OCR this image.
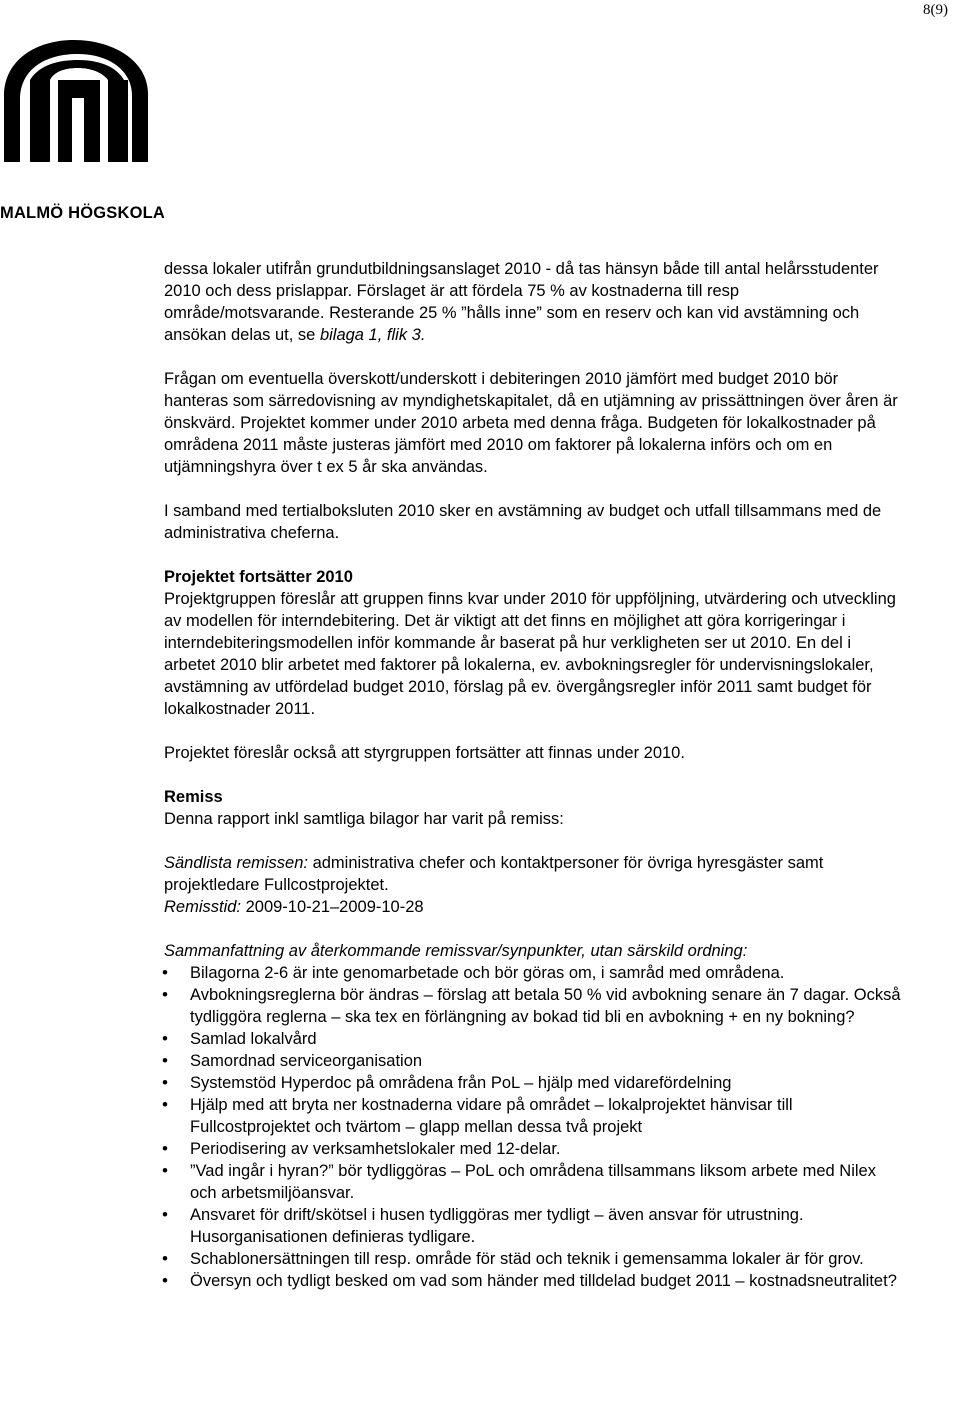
8(9)
MALMÖ HÖGSKOLA

dessa lokaler utifrån grundutbildningsanslaget 2010 - då tas hänsyn både till antal helårsstudenter 2010 och dess prislappar. Förslaget är att fördela 75 % av kostnaderna till resp område/motsvarande. Resterande 25 % ”hålls inne” som en reserv och kan vid avstämning och ansökan delas ut, se bilaga 1, flik 3.

Frågan om eventuella överskott/underskott i debiteringen 2010 jämfört med budget 2010 bör hanteras som särredovisning av myndighetskapitalet, då en utjämning av prissättningen över åren är önskvärd. Projektet kommer under 2010 arbeta med denna fråga. Budgeten för lokalkostnader på områdena 2011 måste justeras jämfört med 2010 om faktorer på lokalerna införs och om en utjämningshyra över t ex 5 år ska användas.

I samband med tertialboksluten 2010 sker en avstämning av budget och utfall tillsammans med de administrativa cheferna.

Projektet fortsätter 2010

Projektgruppen föreslår att gruppen finns kvar under 2010 för uppföljning, utvärdering och utveckling av modellen för interndebitering. Det är viktigt att det finns en möjlighet att göra korrigeringar i interndebiteringsmodellen inför kommande år baserat på hur verkligheten ser ut 2010. En del i arbetet 2010 blir arbetet med faktorer på lokalerna, ev. avbokningsregler för undervisningslokaler, avstämning av utfördelad budget 2010, förslag på ev. övergångsregler inför 2011 samt budget för lokalkostnader 2011.

Projektet föreslår också att styrgruppen fortsätter att finnas under 2010.

Remiss

Denna rapport inkl samtliga bilagor har varit på remiss:

Sändlista remissen: administrativa chefer och kontaktpersoner för övriga hyresgäster samt projektledare Fullcostprojektet.

Remisstid: 2009-10-21–2009-10-28

Sammanfattning av återkommande remissvar/synpunkter, utan särskild ordning:

• Bilagorna 2-6 är inte genomarbetade och bör göras om, i samråd med områdena.
• Avbokningsreglerna bör ändras – förslag att betala 50 % vid avbokning senare än 7 dagar. Också tydliggöra reglerna – ska tex en förlängning av bokad tid bli en avbokning + en ny bokning?
• Samlad lokalvård
• Samordnad serviceorganisation
• Systemstöd Hyperdoc på områdena från PoL – hjälp med vidarefördelning
• Hjälp med att bryta ner kostnaderna vidare på området – lokalprojektet hänvisar till Fullcostprojektet och tvärtom – glapp mellan dessa två projekt
• Periodisering av verksamhetslokaler med 12-delar.
• ”Vad ingår i hyran?” bör tydliggöras – PoL och områdena tillsammans liksom arbete med Nilex och arbetsmiljöansvar.
• Ansvaret för drift/skötsel i husen tydliggöras mer tydligt – även ansvar för utrustning. Husorganisationen definieras tydligare.
• Schablonersättningen till resp. område för städ och teknik i gemensamma lokaler är för grov.
• Översyn och tydligt besked om vad som händer med tilldelad budget 2011 – kostnadsneutralitet?
